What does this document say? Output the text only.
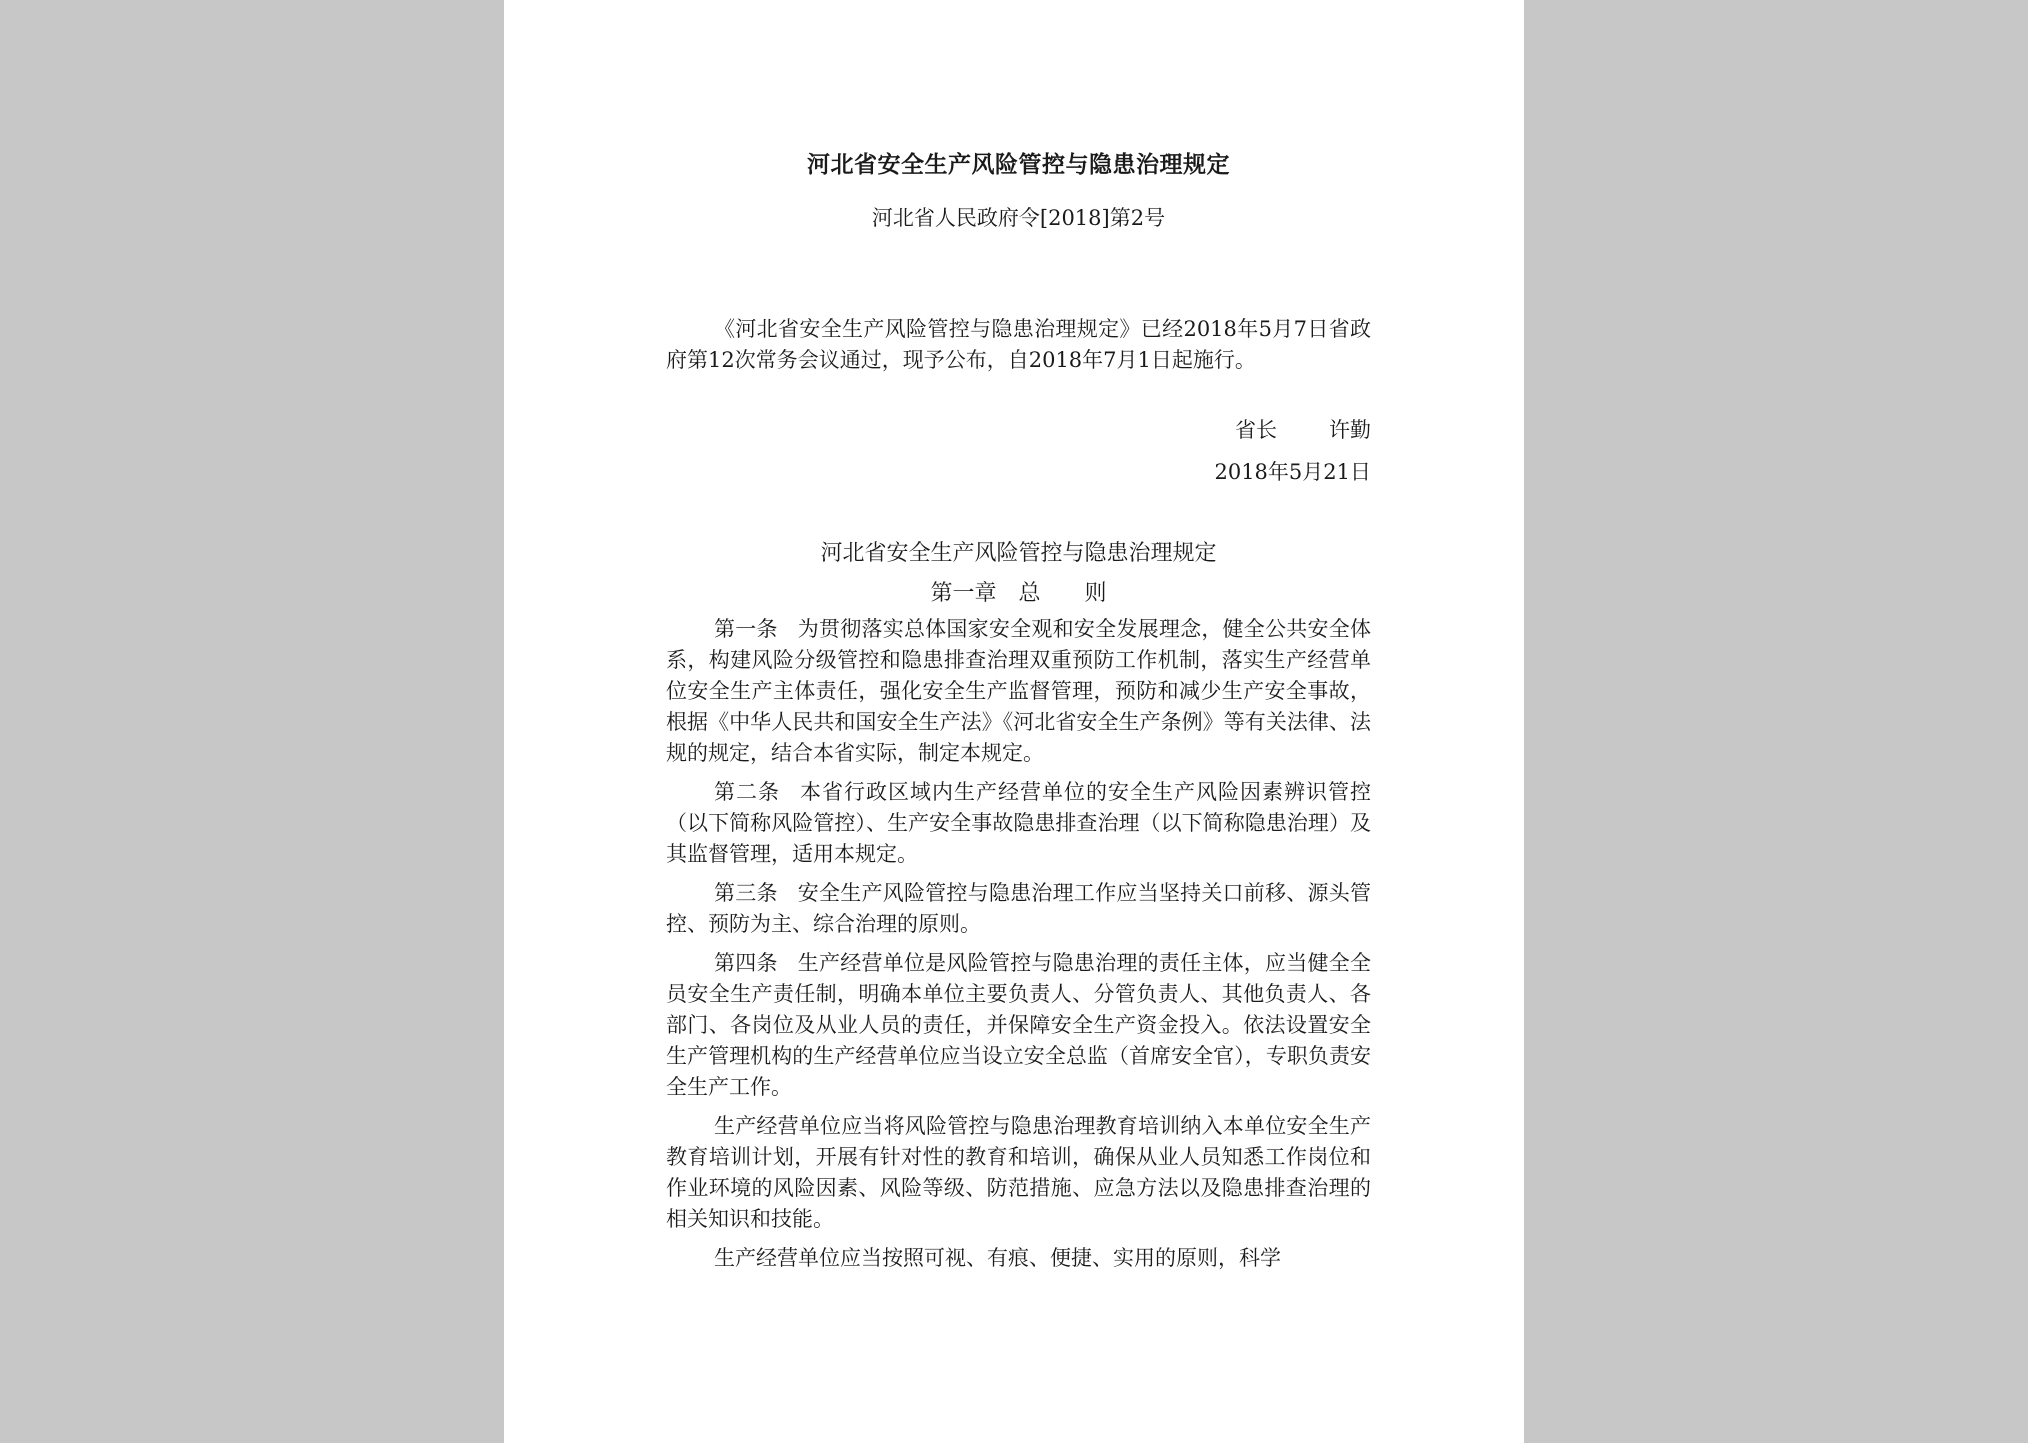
河北省安全生产风险管控与隐患治理规定
河北省人民政府令[2018]第2号
《河北省安全生产风险管控与隐患治理规定》已经2018年5月7日省政府第12次常务会议通过，现予公布，自2018年7月1日起施行。
省长 许勤
2018年5月21日
河北省安全生产风险管控与隐患治理规定
第一章　总　　则

第一条 为贯彻落实总体国家安全观和安全发展理念，健全公共安全体系，构建风险分级管控和隐患排查治理双重预防工作机制，落实生产经营单位安全生产主体责任，强化安全生产监督管理，预防和减少生产安全事故，根据《中华人民共和国安全生产法》《河北省安全生产条例》等有关法律、法规的规定，结合本省实际，制定本规定。

第二条 本省行政区域内生产经营单位的安全生产风险因素辨识管控（以下简称风险管控）、生产安全事故隐患排查治理（以下简称隐患治理）及其监督管理，适用本规定。

第三条 安全生产风险管控与隐患治理工作应当坚持关口前移、源头管控、预防为主、综合治理的原则。

第四条 生产经营单位是风险管控与隐患治理的责任主体，应当健全全员安全生产责任制，明确本单位主要负责人、分管负责人、其他负责人、各部门、各岗位及从业人员的责任，并保障安全生产资金投入。依法设置安全生产管理机构的生产经营单位应当设立安全总监（首席安全官），专职负责安全生产工作。

生产经营单位应当将风险管控与隐患治理教育培训纳入本单位安全生产教育培训计划，开展有针对性的教育和培训，确保从业人员知悉工作岗位和作业环境的风险因素、风险等级、防范措施、应急方法以及隐患排查治理的相关知识和技能。

生产经营单位应当按照可视、有痕、便捷、实用的原则，科学
